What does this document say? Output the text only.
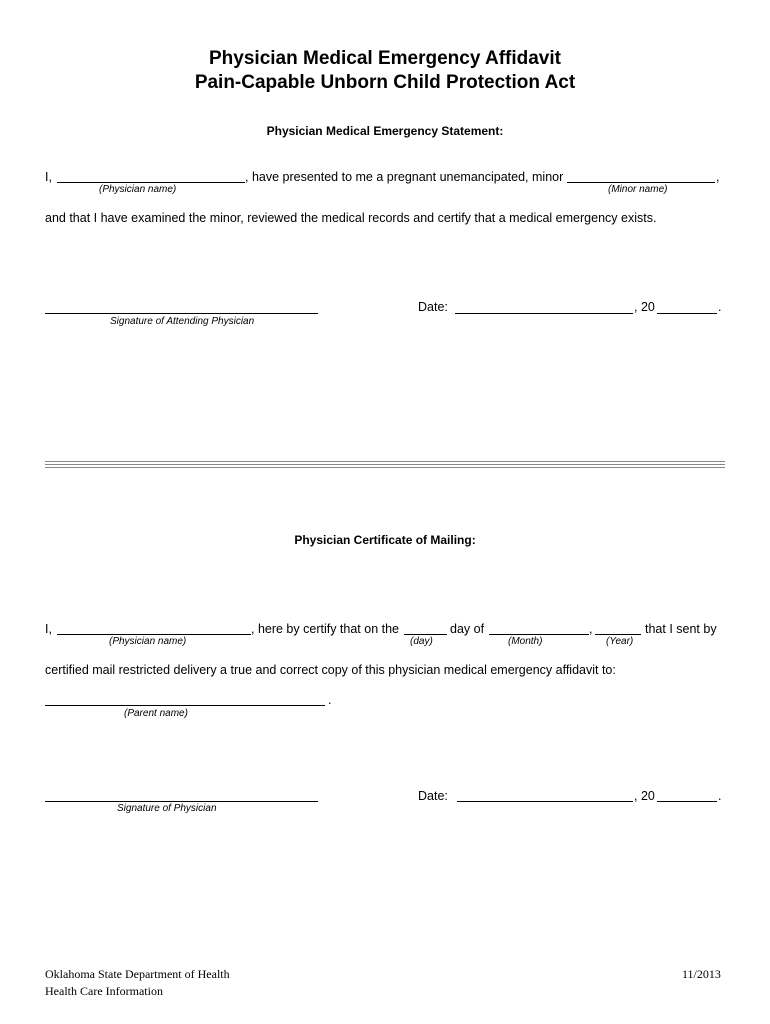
Physician Medical Emergency Affidavit
Pain-Capable Unborn Child Protection Act
Physician Medical Emergency Statement:
I,	, have presented to me a pregnant unemancipated, minor	,
(Physician name)	(Minor name)
and that I have examined the minor, reviewed the medical records and certify that a medical emergency exists.
Signature of Attending Physician
Date:	, 20	.
Physician Certificate of Mailing:
I,	, here by certify that on the	day of	,	that I sent by
(Physician name)	(day)	(Month)	(Year)
certified mail restricted delivery a true and correct copy of this physician medical emergency affidavit to:
.
(Parent name)
Date:	, 20	.
Signature of Physician
Oklahoma State Department of Health
Health Care Information
11/2013
